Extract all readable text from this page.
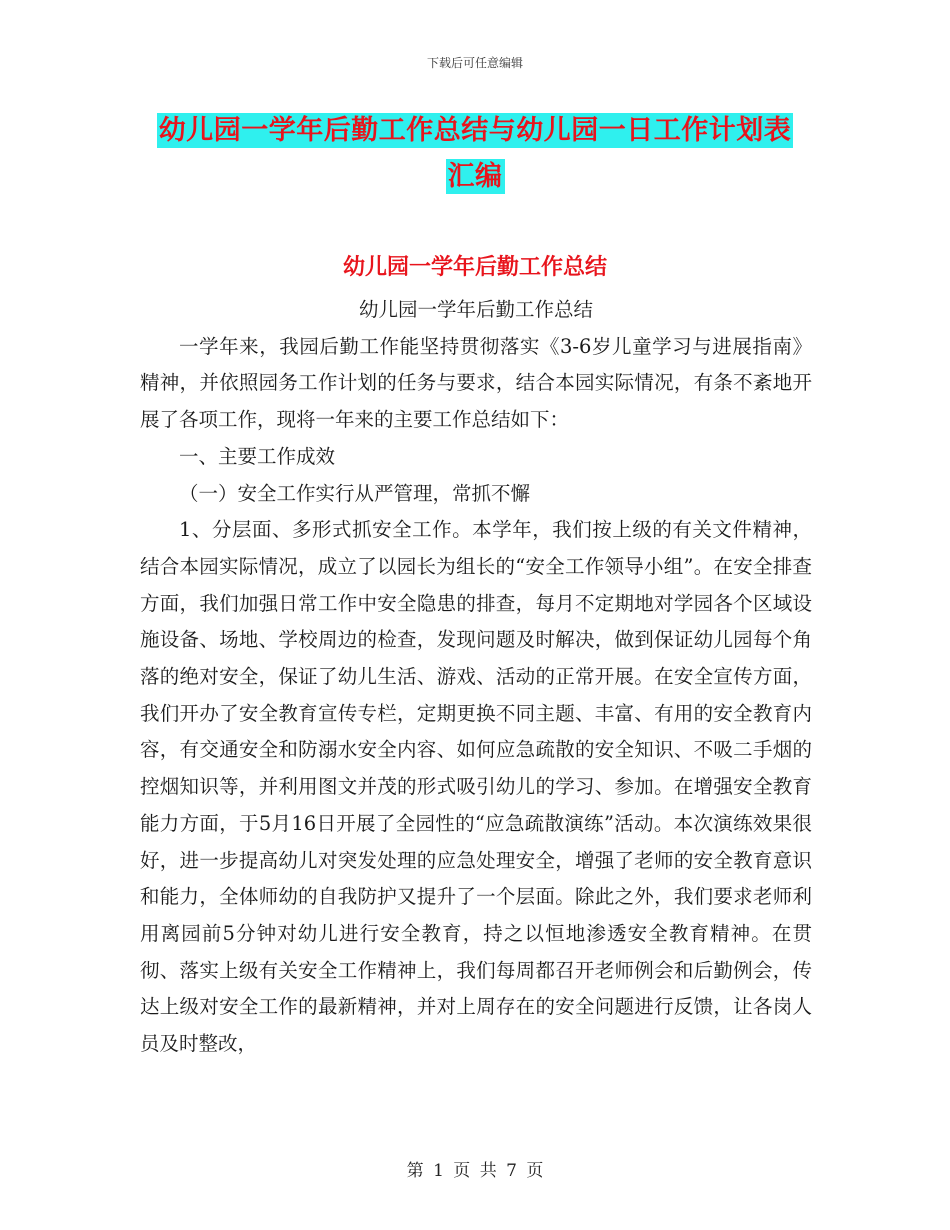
下载后可任意编辑
幼儿园一学年后勤工作总结与幼儿园一日工作计划表
汇编
幼儿园一学年后勤工作总结

幼儿园一学年后勤工作总结

一学年来，我园后勤工作能坚持贯彻落实《3-6岁儿童学习与进展指南》精神，并依照园务工作计划的任务与要求，结合本园实际情况，有条不紊地开展了各项工作，现将一年来的主要工作总结如下：

一、主要工作成效

（一）安全工作实行从严管理，常抓不懈

1、分层面、多形式抓安全工作。本学年，我们按上级的有关文件精神，结合本园实际情况，成立了以园长为组长的“安全工作领导小组”。在安全排查方面，我们加强日常工作中安全隐患的排查，每月不定期地对学园各个区域设施设备、场地、学校周边的检查，发现问题及时解决，做到保证幼儿园每个角落的绝对安全，保证了幼儿生活、游戏、活动的正常开展。在安全宣传方面，我们开办了安全教育宣传专栏，定期更换不同主题、丰富、有用的安全教育内容，有交通安全和防溺水安全内容、如何应急疏散的安全知识、不吸二手烟的控烟知识等，并利用图文并茂的形式吸引幼儿的学习、参加。在增强安全教育能力方面，于5月16日开展了全园性的“应急疏散演练”活动。本次演练效果很好，进一步提高幼儿对突发处理的应急处理安全，增强了老师的安全教育意识和能力，全体师幼的自我防护又提升了一个层面。除此之外，我们要求老师利用离园前5分钟对幼儿进行安全教育，持之以恒地渗透安全教育精神。在贯彻、落实上级有关安全工作精神上，我们每周都召开老师例会和后勤例会，传达上级对安全工作的最新精神，并对上周存在的安全问题进行反馈，让各岗人员及时整改，

第 1 页 共 7 页
